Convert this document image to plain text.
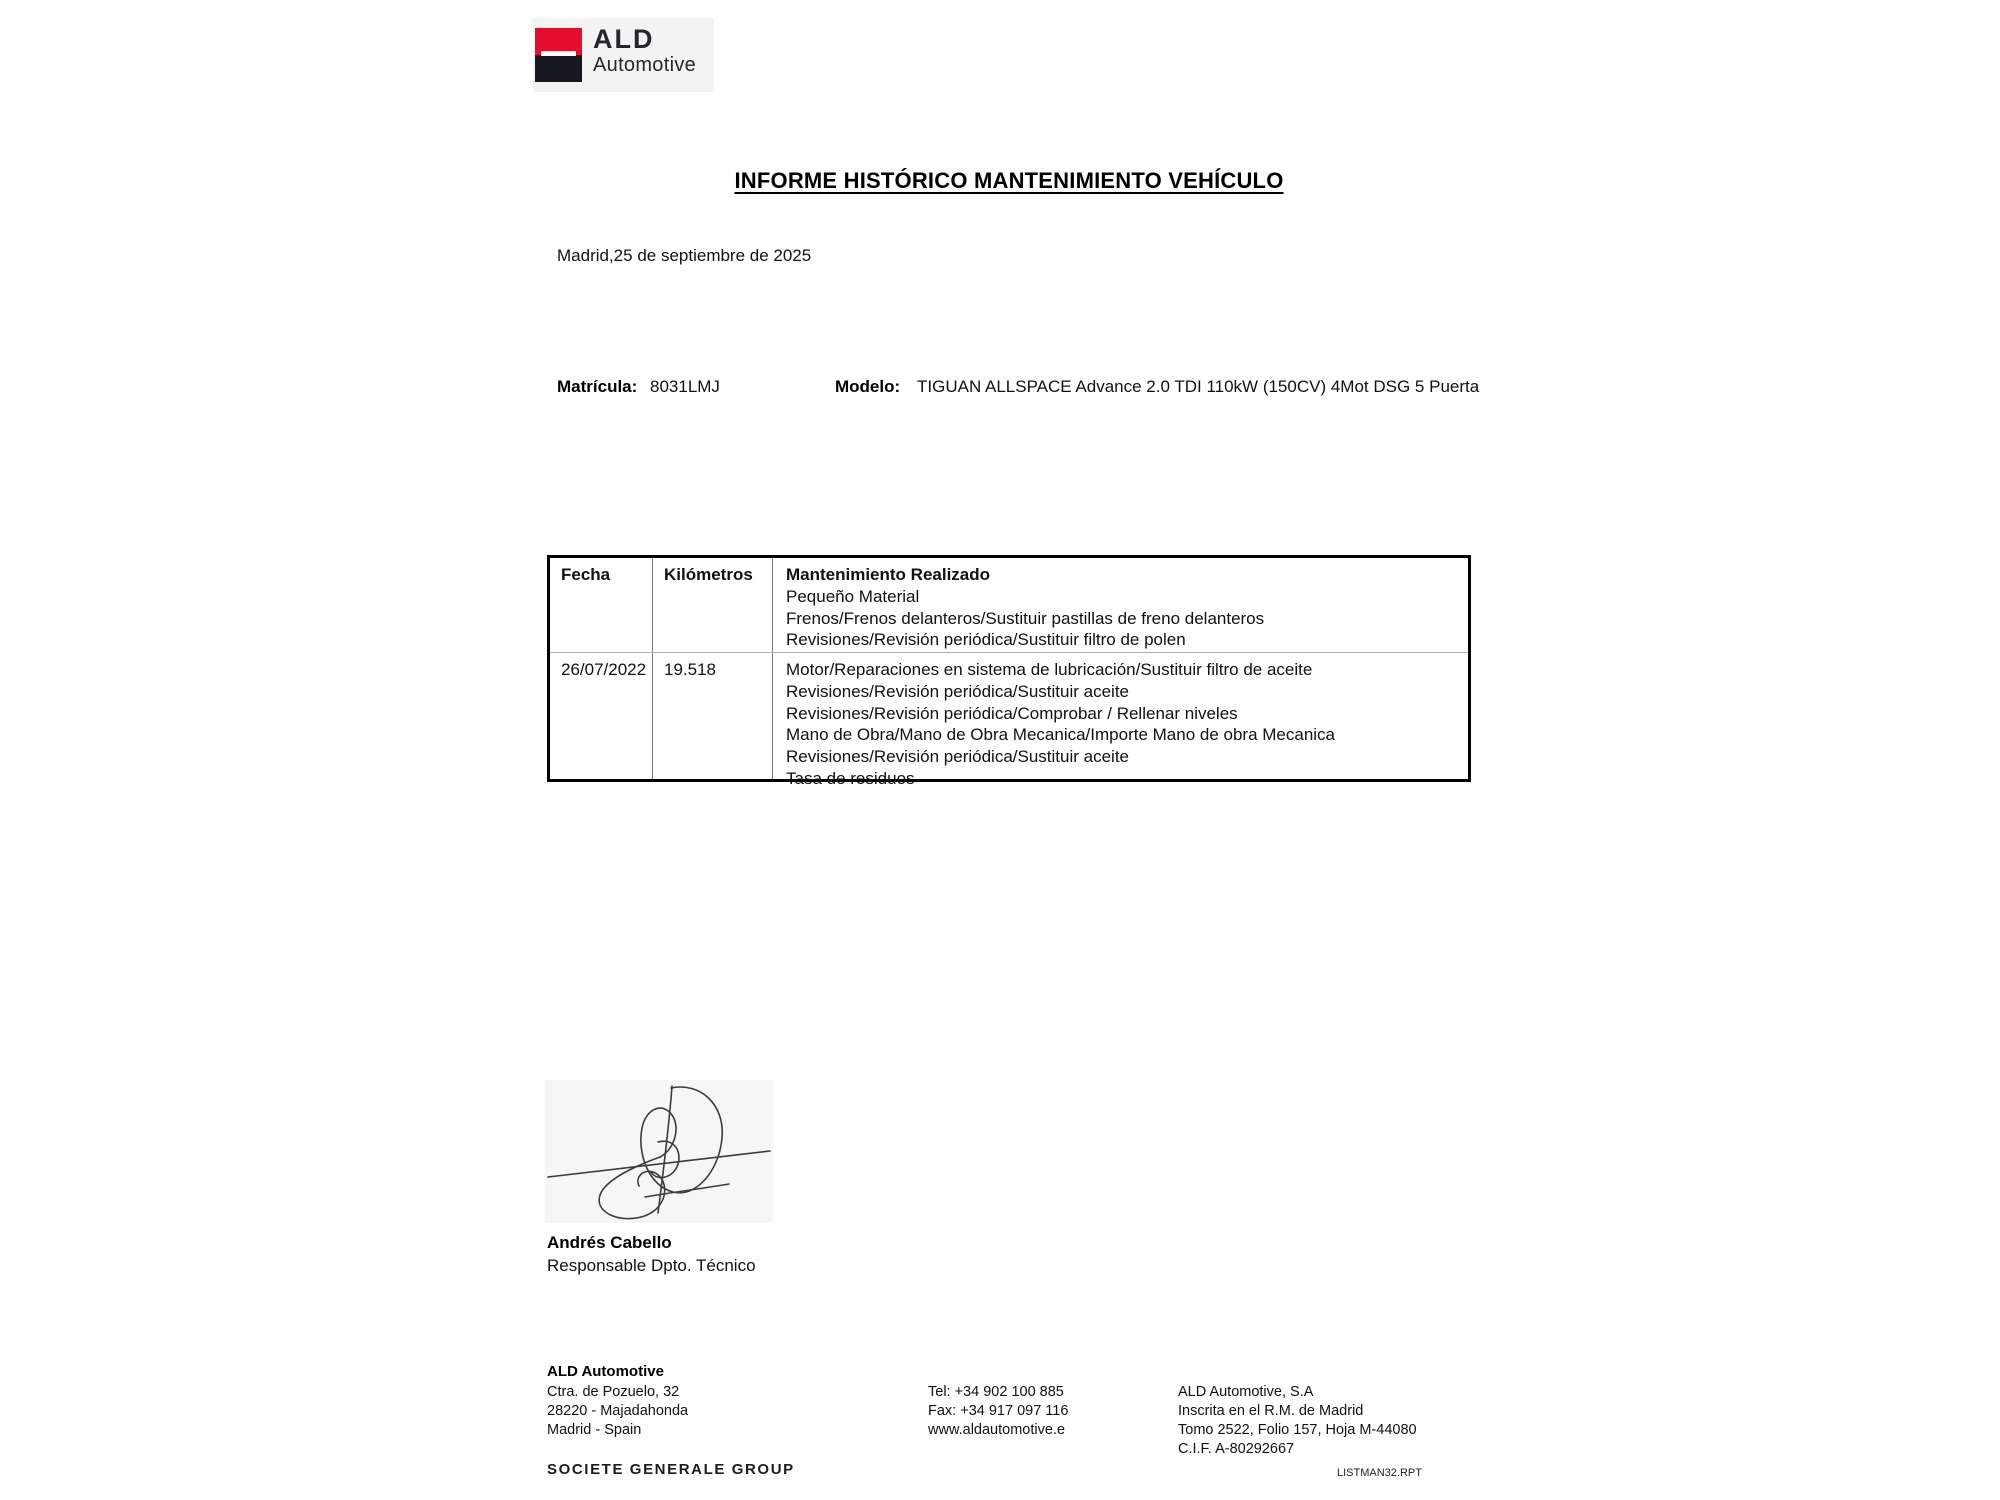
ALD
Automotive
INFORME HISTÓRICO MANTENIMIENTO VEHÍCULO
Madrid,25 de septiembre de 2025
Matrícula: 8031LMJ	Modelo: TIGUAN ALLSPACE Advance 2.0 TDI 110kW (150CV) 4Mot DSG 5 Puerta
Fecha	Kilómetros	Mantenimiento Realizado
Pequeño Material
Frenos/Frenos delanteros/Sustituir pastillas de freno delanteros
Revisiones/Revisión periódica/Sustituir filtro de polen
26/07/2022	19.518	Motor/Reparaciones en sistema de lubricación/Sustituir filtro de aceite
Revisiones/Revisión periódica/Sustituir aceite
Revisiones/Revisión periódica/Comprobar / Rellenar niveles
Mano de Obra/Mano de Obra Mecanica/Importe Mano de obra Mecanica
Revisiones/Revisión periódica/Sustituir aceite
Tasa de residuos
Andrés Cabello
Responsable Dpto. Técnico
ALD Automotive
Ctra. de Pozuelo, 32
28220 - Majadahonda
Madrid - Spain
Tel: +34 902 100 885
Fax: +34 917 097 116
www.aldautomotive.e
ALD Automotive, S.A
Inscrita en el R.M. de Madrid
Tomo 2522, Folio 157, Hoja M-44080
C.I.F. A-80292667
SOCIETE GENERALE GROUP	LISTMAN32.RPT
